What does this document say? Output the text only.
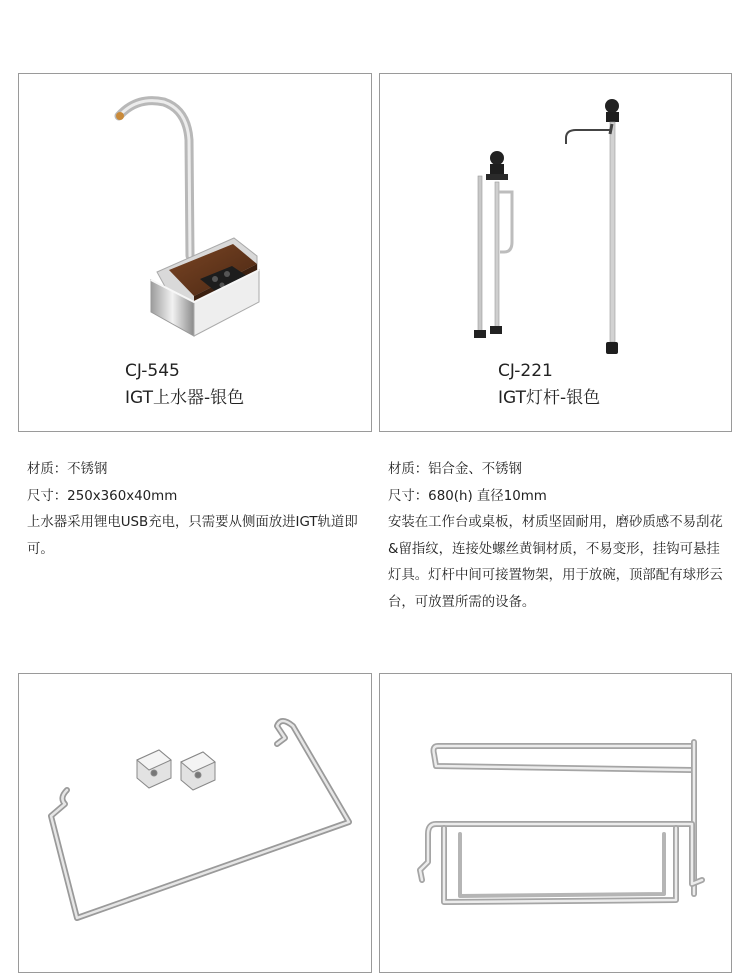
CJ-545
IGT上水器-银色
CJ-221
IGT灯杆-银色

材质：不锈钢

尺寸：250x360x40mm

上水器采用锂电USB充电，只需要从侧面放进IGT轨道即可。

材质：铝合金、不锈钢

尺寸：680(h) 直径10mm

安装在工作台或桌板，材质坚固耐用，磨砂质感不易刮花&留指纹，连接处螺丝黄铜材质，不易变形，挂钩可悬挂灯具。灯杆中间可接置物架，用于放碗，顶部配有球形云台，可放置所需的设备。
